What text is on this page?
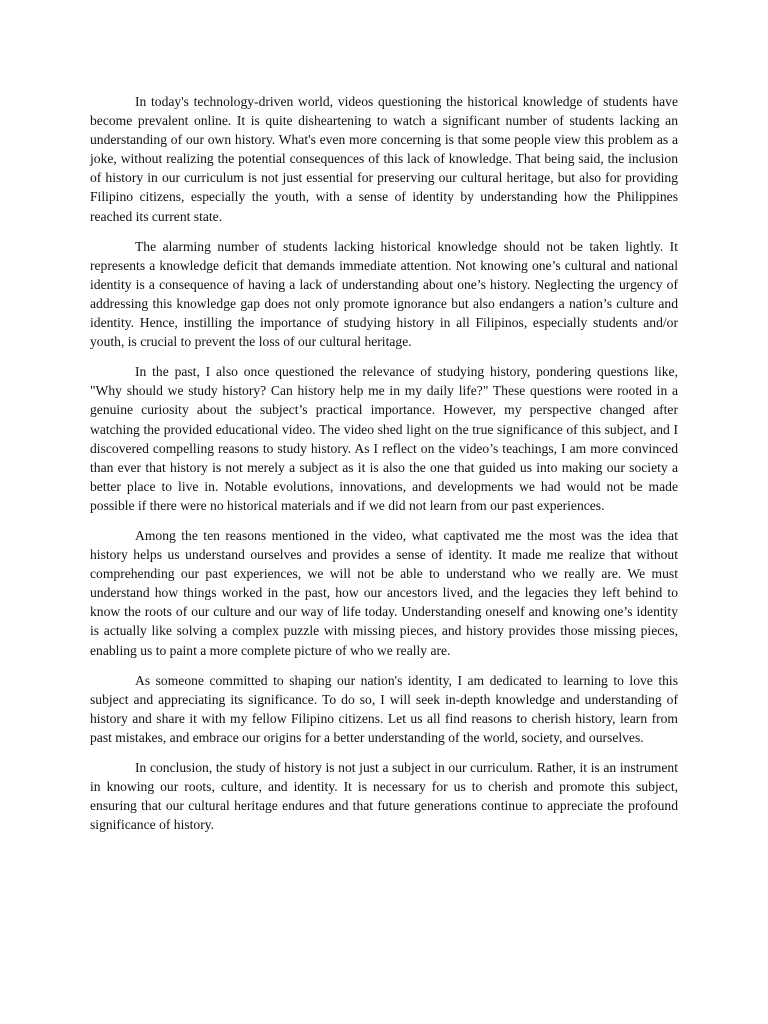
In today's technology-driven world, videos questioning the historical knowledge of students have become prevalent online. It is quite disheartening to watch a significant number of students lacking an understanding of our own history. What's even more concerning is that some people view this problem as a joke, without realizing the potential consequences of this lack of knowledge. That being said, the inclusion of history in our curriculum is not just essential for preserving our cultural heritage, but also for providing Filipino citizens, especially the youth, with a sense of identity by understanding how the Philippines reached its current state.

The alarming number of students lacking historical knowledge should not be taken lightly. It represents a knowledge deficit that demands immediate attention. Not knowing one’s cultural and national identity is a consequence of having a lack of understanding about one’s history. Neglecting the urgency of addressing this knowledge gap does not only promote ignorance but also endangers a nation’s culture and identity. Hence, instilling the importance of studying history in all Filipinos, especially students and/or youth, is crucial to prevent the loss of our cultural heritage.

In the past, I also once questioned the relevance of studying history, pondering questions like, "Why should we study history? Can history help me in my daily life?" These questions were rooted in a genuine curiosity about the subject’s practical importance. However, my perspective changed after watching the provided educational video. The video shed light on the true significance of this subject, and I discovered compelling reasons to study history. As I reflect on the video’s teachings, I am more convinced than ever that history is not merely a subject as it is also the one that guided us into making our society a better place to live in. Notable evolutions, innovations, and developments we had would not be made possible if there were no historical materials and if we did not learn from our past experiences.

Among the ten reasons mentioned in the video, what captivated me the most was the idea that history helps us understand ourselves and provides a sense of identity. It made me realize that without comprehending our past experiences, we will not be able to understand who we really are. We must understand how things worked in the past, how our ancestors lived, and the legacies they left behind to know the roots of our culture and our way of life today. Understanding oneself and knowing one’s identity is actually like solving a complex puzzle with missing pieces, and history provides those missing pieces, enabling us to paint a more complete picture of who we really are.

As someone committed to shaping our nation's identity, I am dedicated to learning to love this subject and appreciating its significance. To do so, I will seek in-depth knowledge and understanding of history and share it with my fellow Filipino citizens. Let us all find reasons to cherish history, learn from past mistakes, and embrace our origins for a better understanding of the world, society, and ourselves.

In conclusion, the study of history is not just a subject in our curriculum. Rather, it is an instrument in knowing our roots, culture, and identity. It is necessary for us to cherish and promote this subject, ensuring that our cultural heritage endures and that future generations continue to appreciate the profound significance of history.
